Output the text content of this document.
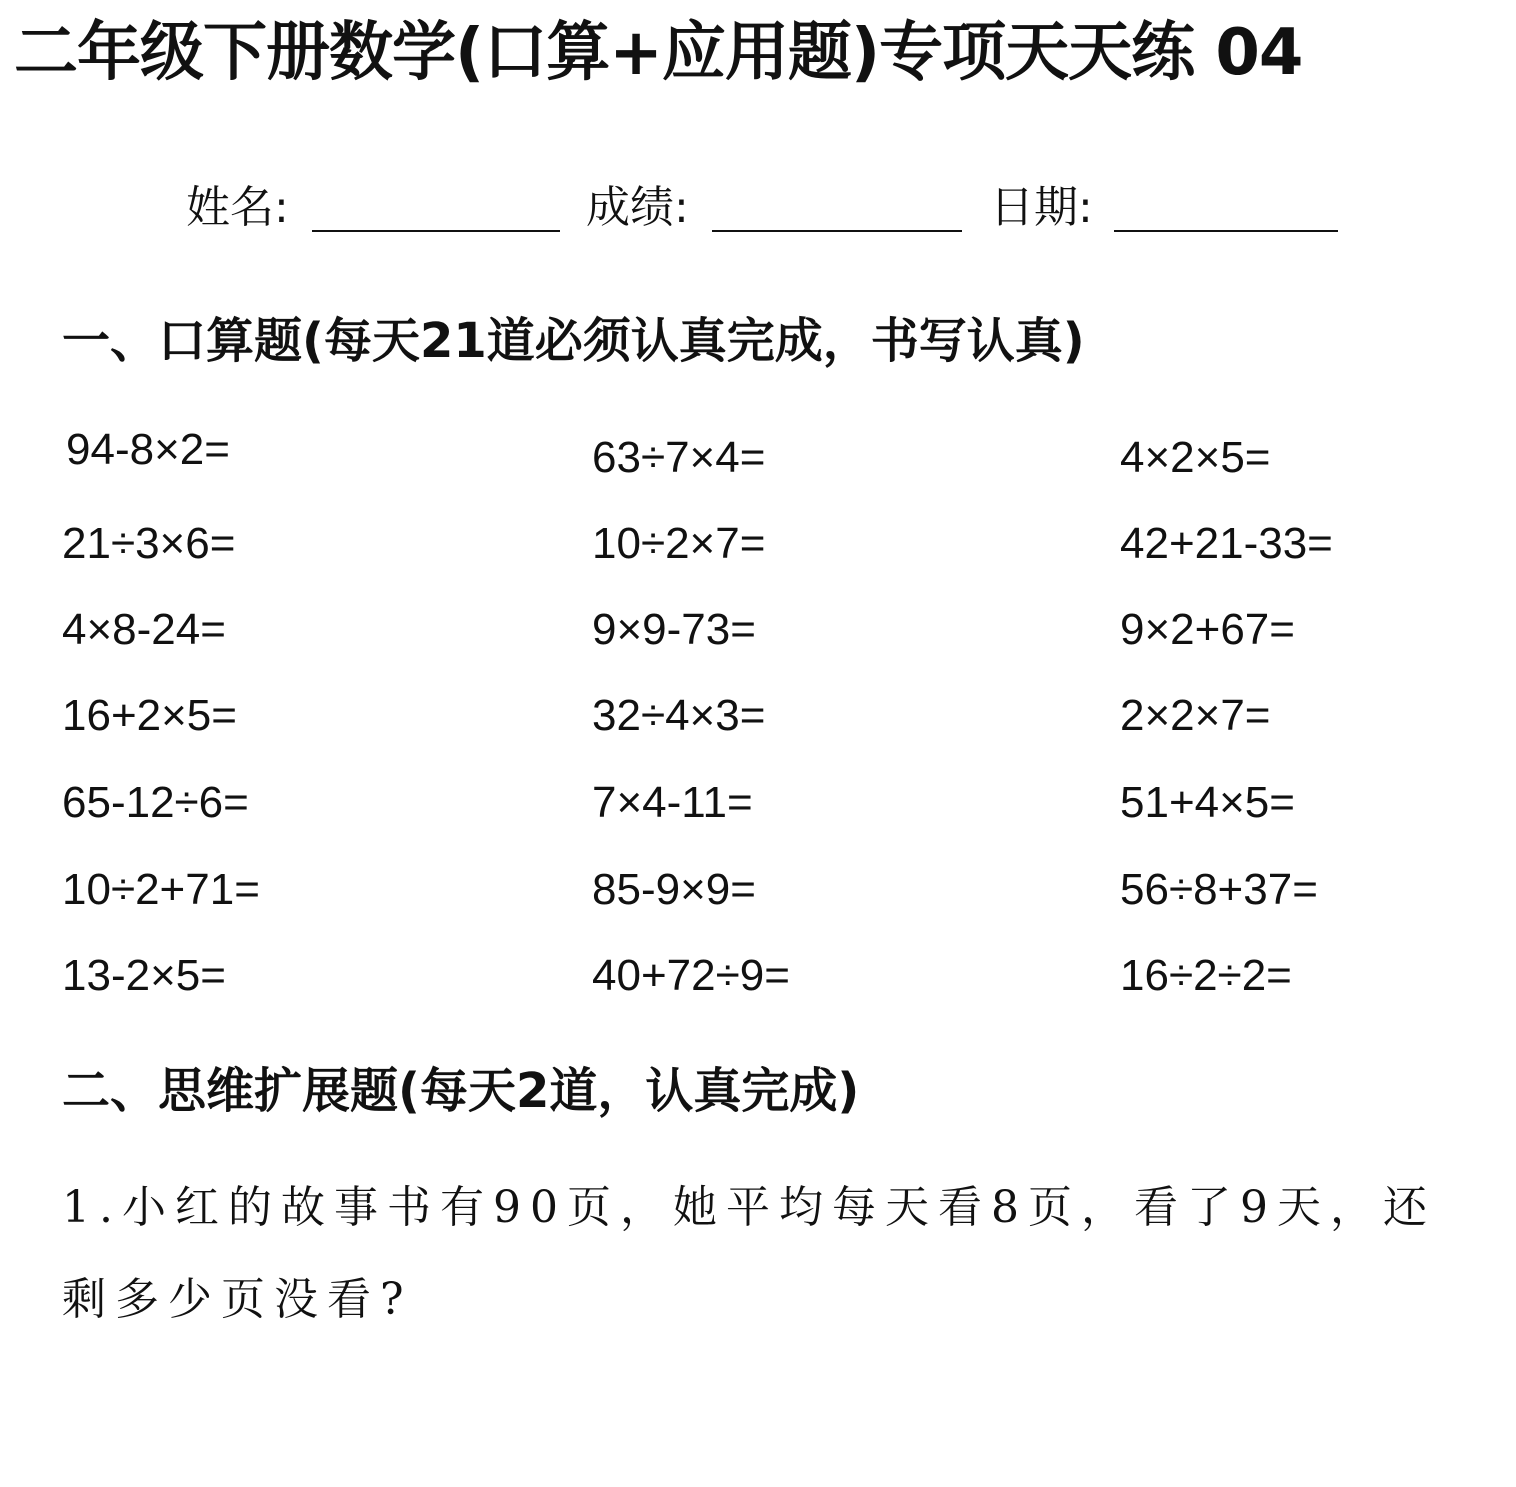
二年级下册数学(口算+应用题)专项天天练 04
姓名:	成绩:	日期:
一、口算题(每天21道必须认真完成，书写认真)
94-8×2=
21÷3×6=
4×8-24=
16+2×5=
65-12÷6=
10÷2+71=
13-2×5=
63÷7×4=
10÷2×7=
9×9-73=
32÷4×3=
7×4-11=
85-9×9=
40+72÷9=
4×2×5=
42+21-33=
9×2+67=
2×2×7=
51+4×5=
56÷8+37=
16÷2÷2=
二、思维扩展题(每天2道，认真完成)
1.小红的故事书有90页，她平均每天看8页，看了9天，还剩多少页没看?
